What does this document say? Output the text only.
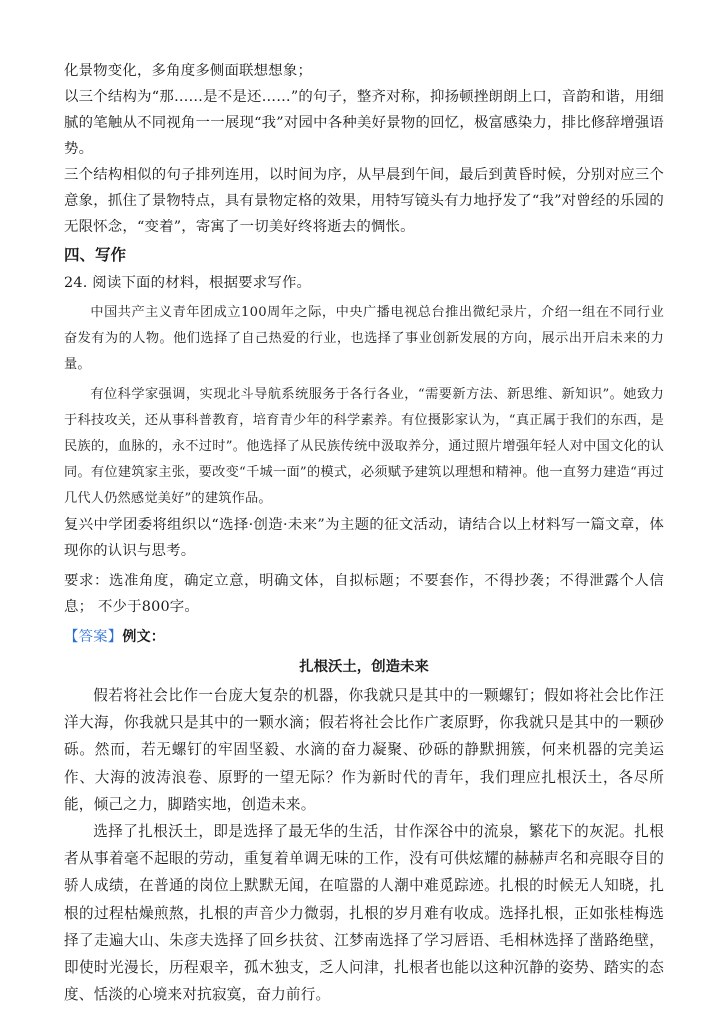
化景物变化，多角度多侧面联想想象；

以三个结构为“那……是不是还……”的句子，整齐对称，抑扬顿挫朗朗上口，音韵和谐，用细腻的笔触从不同视角一一展现“我”对园中各种美好景物的回忆，极富感染力，排比修辞增强语势。

三个结构相似的句子排列连用，以时间为序，从早晨到午间，最后到黄昏时候，分别对应三个意象，抓住了景物特点，具有景物定格的效果，用特写镜头有力地抒发了“我”对曾经的乐园的无限怀念，“变着”，寄寓了一切美好终将逝去的惆怅。

四、写作

24. 阅读下面的材料，根据要求写作。

中国共产主义青年团成立100周年之际，中央广播电视总台推出微纪录片，介绍一组在不同行业奋发有为的人物。他们选择了自己热爱的行业，也选择了事业创新发展的方向，展示出开启未来的力量。

有位科学家强调，实现北斗导航系统服务于各行各业，“需要新方法、新思维、新知识”。她致力于科技攻关，还从事科普教育，培育青少年的科学素养。有位摄影家认为，“真正属于我们的东西，是民族的，血脉的，永不过时”。他选择了从民族传统中汲取养分，通过照片增强年轻人对中国文化的认同。有位建筑家主张，要改变“千城一面”的模式，必须赋予建筑以理想和精神。他一直努力建造“再过几代人仍然感觉美好”的建筑作品。

复兴中学团委将组织以“选择·创造·未来”为主题的征文活动，请结合以上材料写一篇文章，体现你的认识与思考。

要求：选准角度，确定立意，明确文体，自拟标题；不要套作，不得抄袭；不得泄露个人信息； 不少于800字。

【答案】例文：

扎根沃土，创造未来

假若将社会比作一台庞大复杂的机器，你我就只是其中的一颗螺钉；假如将社会比作汪洋大海，你我就只是其中的一颗水滴；假若将社会比作广袤原野，你我就只是其中的一颗砂砾。然而，若无螺钉的牢固坚毅、水滴的奋力凝聚、砂砾的静默拥簇，何来机器的完美运作、大海的波涛浪卷、原野的一望无际？作为新时代的青年，我们理应扎根沃土，各尽所能，倾己之力，脚踏实地，创造未来。

选择了扎根沃土，即是选择了最无华的生活，甘作深谷中的流泉，繁花下的灰泥。扎根者从事着毫不起眼的劳动，重复着单调无味的工作，没有可供炫耀的赫赫声名和亮眼夺目的骄人成绩，在普通的岗位上默默无闻，在喧嚣的人潮中难觅踪迹。扎根的时候无人知晓，扎根的过程枯燥煎熬，扎根的声音少力微弱，扎根的岁月难有收成。选择扎根，正如张桂梅选择了走遍大山、朱彦夫选择了回乡扶贫、江梦南选择了学习唇语、毛相林选择了凿路绝壁，即使时光漫长，历程艰辛，孤木独支，乏人问津，扎根者也能以这种沉静的姿势、踏实的态度、恬淡的心境来对抗寂寞，奋力前行。
